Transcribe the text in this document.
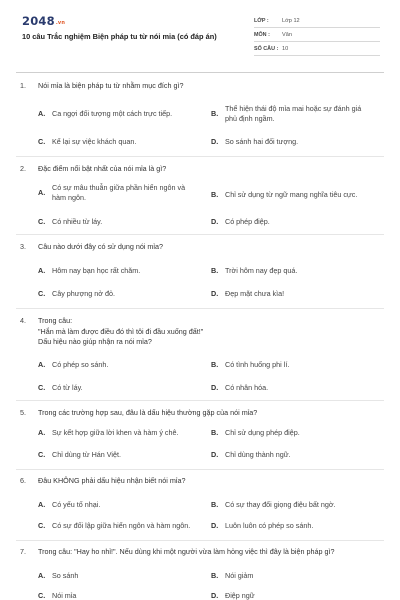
2048.vn
10 câu Trắc nghiệm Biện pháp tu từ nói mỉa (có đáp án)
LỚP :	Lớp 12
MÔN :	Văn
SỐ CÂU : 10
1.	Nói mỉa là biện pháp tu từ nhằm mục đích gì?
A. Ca ngợi đối tượng một cách trực tiếp.	B.
Thể hiện thái độ mỉa mai hoặc sự đánh giá
phủ định ngầm.
C. Kể lại sự việc khách quan.	D. So sánh hai đối tượng.
2.	Đặc điểm nổi bật nhất của nói mỉa là gì?
A.
Có sự mâu thuẫn giữa phần hiển ngôn và
hàm ngôn.	B. Chỉ sử dụng từ ngữ mang nghĩa tiêu cực.
C. Có nhiều từ láy.	D. Có phép điệp.
3.	Câu nào dưới đây có sử dụng nói mỉa?
A. Hôm nay bạn học rất chăm.	B. Trời hôm nay đẹp quá.
C. Cây phượng nở đỏ.	D. Đẹp mặt chưa kìa!
4.	Trong câu:
"Hắn mà làm được điều đó thì tôi đi đầu xuống đất!"
Dấu hiệu nào giúp nhận ra nói mỉa?
A. Có phép so sánh.	B. Có tình huống phi lí.
C. Có từ láy.	D. Có nhân hóa.
5.	Trong các trường hợp sau, đâu là dấu hiệu thường gặp của nói mỉa?
A. Sự kết hợp giữa lời khen và hàm ý chê.	B. Chỉ sử dụng phép điệp.
C. Chỉ dùng từ Hán Việt.	D. Chỉ dùng thành ngữ.
6.	Đâu KHÔNG phải dấu hiệu nhận biết nói mỉa?
A. Có yếu tố nhại.	B. Có sự thay đổi giọng điệu bất ngờ.
C. Có sự đối lập giữa hiển ngôn và hàm ngôn.	D. Luôn luôn có phép so sánh.
7.	Trong câu: "Hay ho nhỉ!". Nếu dùng khi một người vừa làm hỏng việc thì đây là biện pháp gì?
A. So sánh	B. Nói giảm
C. Nói mỉa	D. Điệp ngữ
